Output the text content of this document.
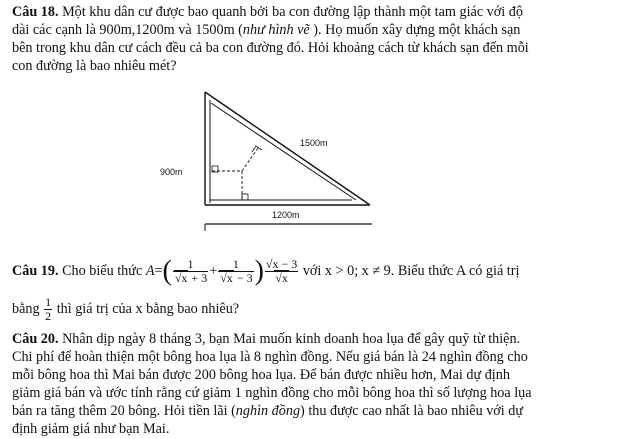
Câu 18. Một khu dân cư được bao quanh bởi ba con đường lập thành một tam giác với độ
dài các cạnh là 900m,1200m và 1500m (như hình vẽ ). Họ muốn xây dựng một khách sạn
bên trong khu dân cư cách đều cả ba con đường đó. Hỏi khoảng cách từ khách sạn đến mỗi
con đường là bao nhiêu mét?
1500m
900m
1200m
Câu 19. Cho biểu thức $A=( \frac{1}{√x + 3} + \frac{1}{√x - 3}$ ) $\frac{√x - 3}{√x}$ với x > 0; x ≠ 9. Biểu thức A có giá trị
bằng $\frac{1}{2}$ thì giá trị của x bằng bao nhiêu?
Câu 20. Nhân dịp ngày 8 tháng 3, bạn Mai muốn kinh doanh hoa lụa để gây quỹ từ thiện.
Chi phí để hoàn thiện một bông hoa lụa là 8 nghìn đồng. Nếu giá bán là 24 nghìn đồng cho
mỗi bông hoa thì Mai bán được 200 bông hoa lụa. Để bán được nhiều hơn, Mai dự định
giảm giá bán và ước tính rằng cứ giảm 1 nghìn đồng cho mỗi bông hoa thì số lượng hoa lụa
bán ra tăng thêm 20 bông. Hỏi tiền lãi (nghìn đồng) thu được cao nhất là bao nhiêu với dự
định giảm giá như bạn Mai.
